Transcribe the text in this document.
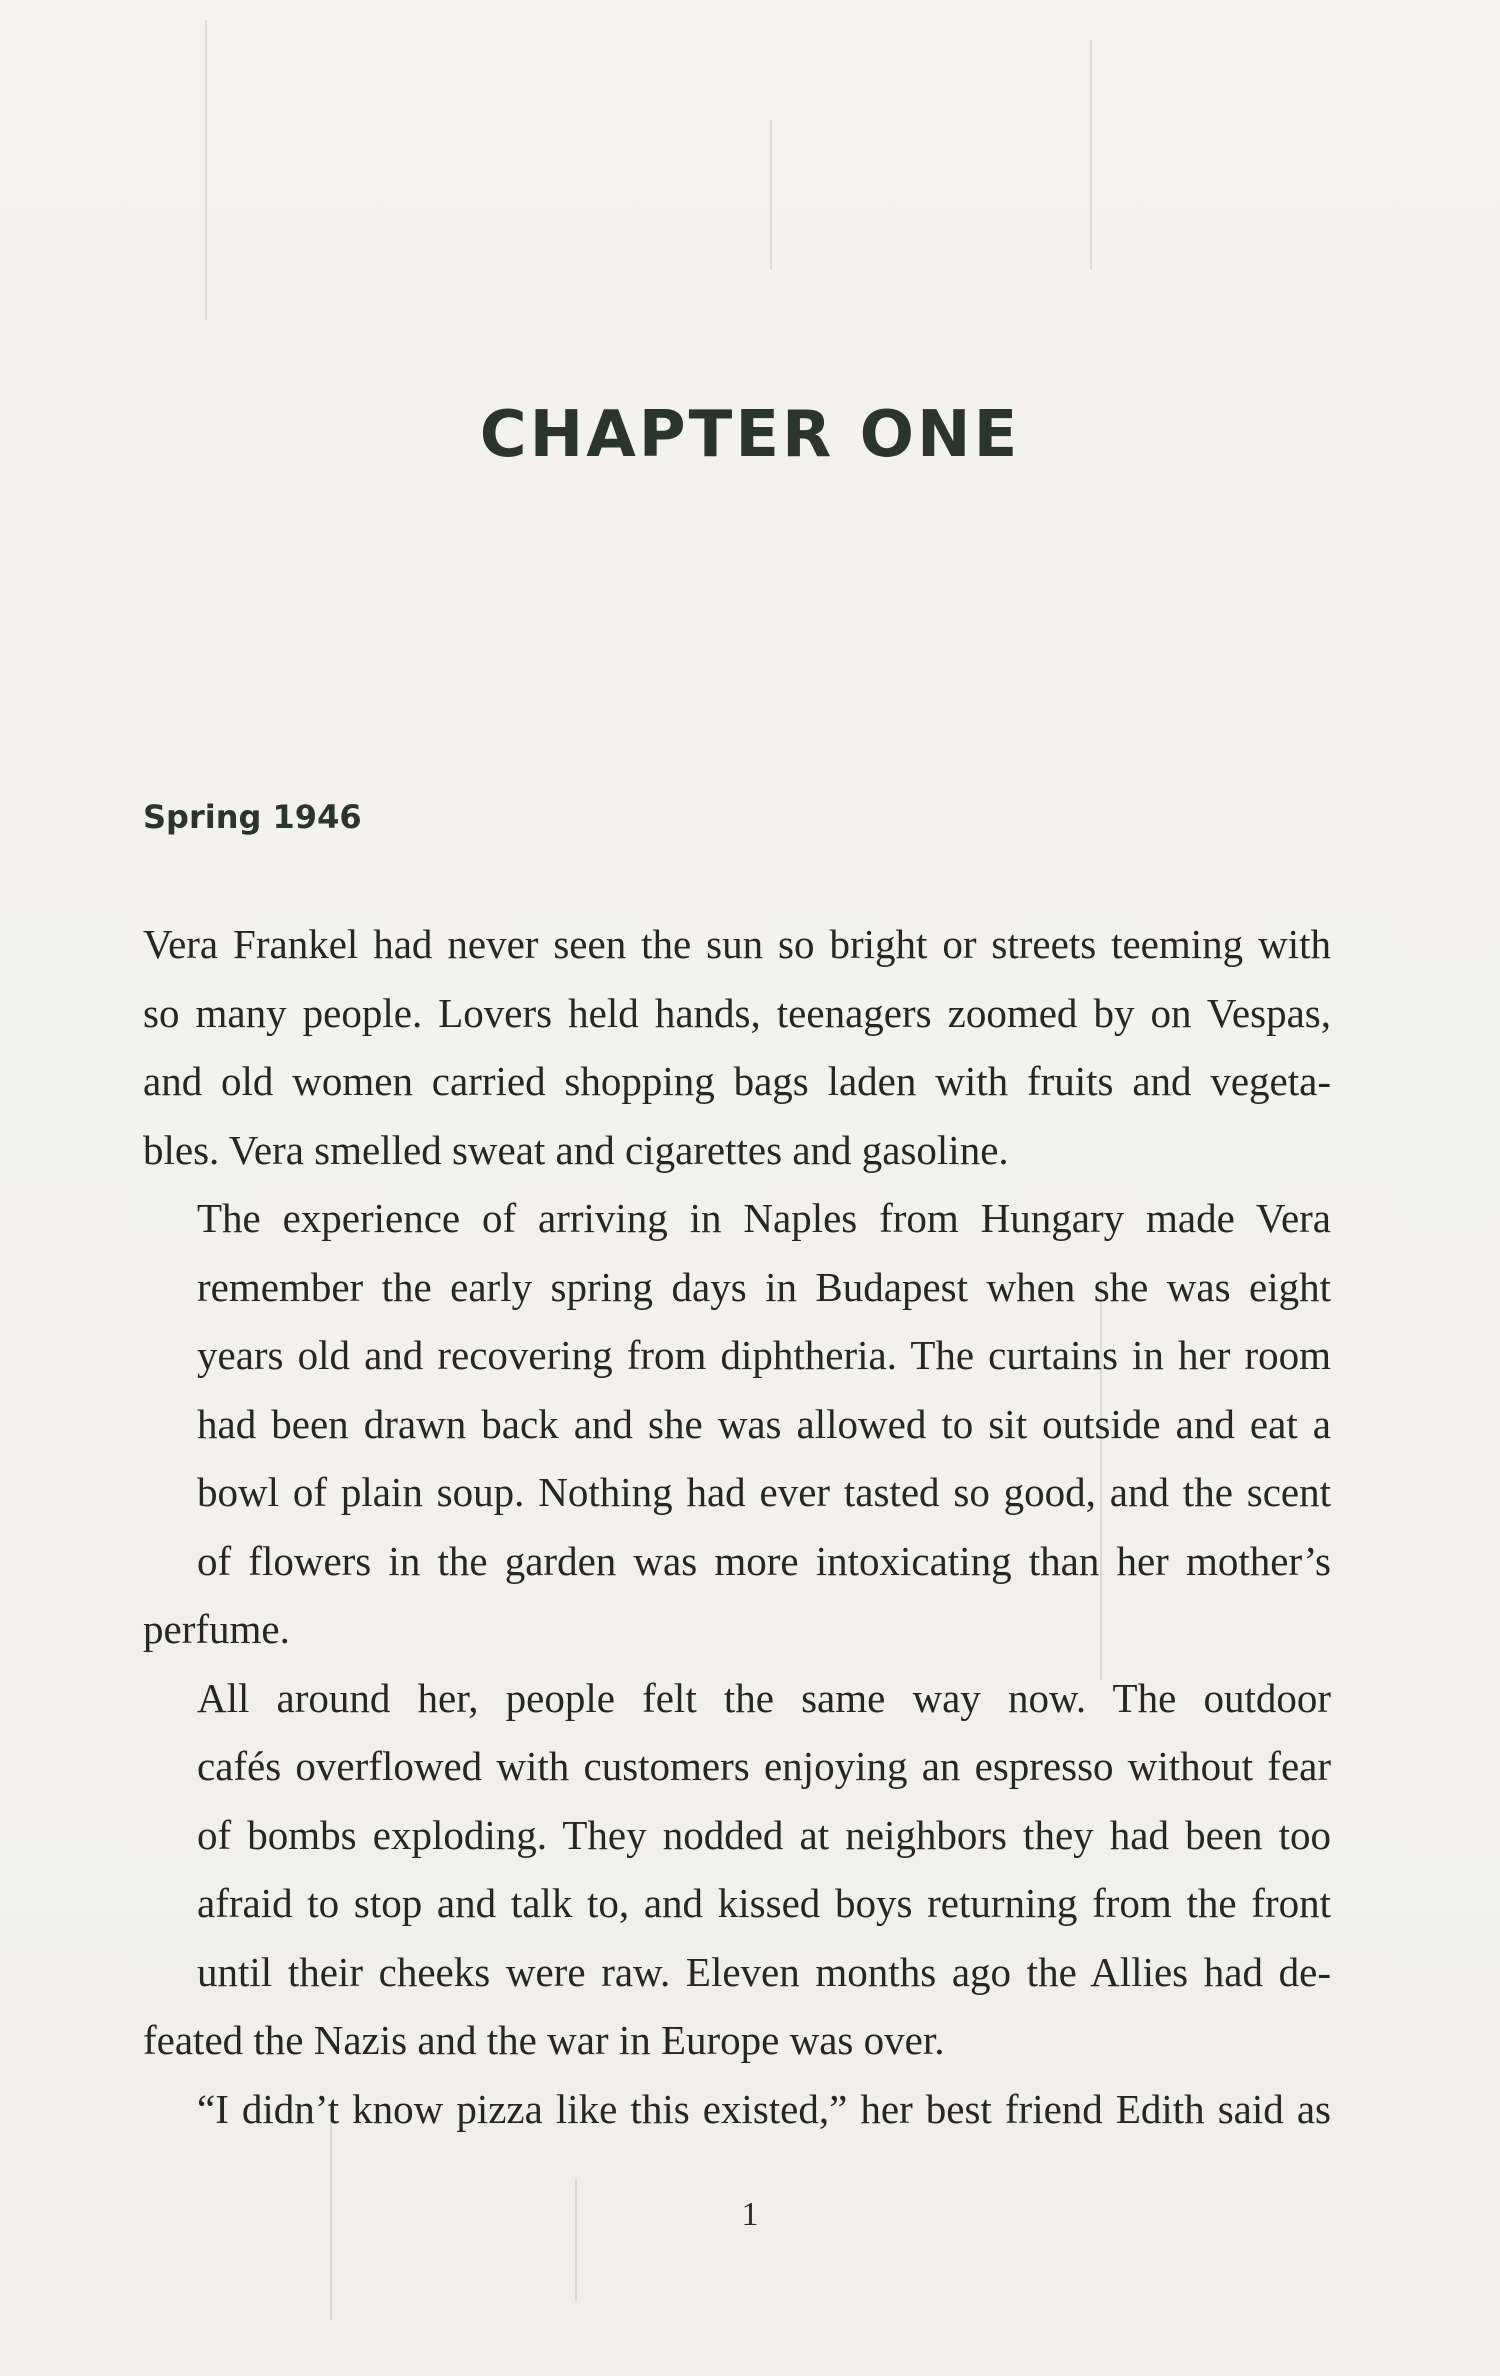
CHAPTER ONE
Spring 1946

Vera Frankel had never seen the sun so bright or streets teeming with
so many people. Lovers held hands, teenagers zoomed by on Vespas,
and old women carried shopping bags laden with fruits and vegeta-

bles. Vera smelled sweat and cigarettes and gasoline.

The experience of arriving in Naples from Hungary made Vera
remember the early spring days in Budapest when she was eight
years old and recovering from diphtheria. The curtains in her room
had been drawn back and she was allowed to sit outside and eat a
bowl of plain soup. Nothing had ever tasted so good, and the scent
of flowers in the garden was more intoxicating than her mother’s

perfume.

All around her, people felt the same way now. The outdoor
cafés overflowed with customers enjoying an espresso without fear
of bombs exploding. They nodded at neighbors they had been too
afraid to stop and talk to, and kissed boys returning from the front
until their cheeks were raw. Eleven months ago the Allies had de-

feated the Nazis and the war in Europe was over.

“I didn’t know pizza like this existed,” her best friend Edith said as

1
